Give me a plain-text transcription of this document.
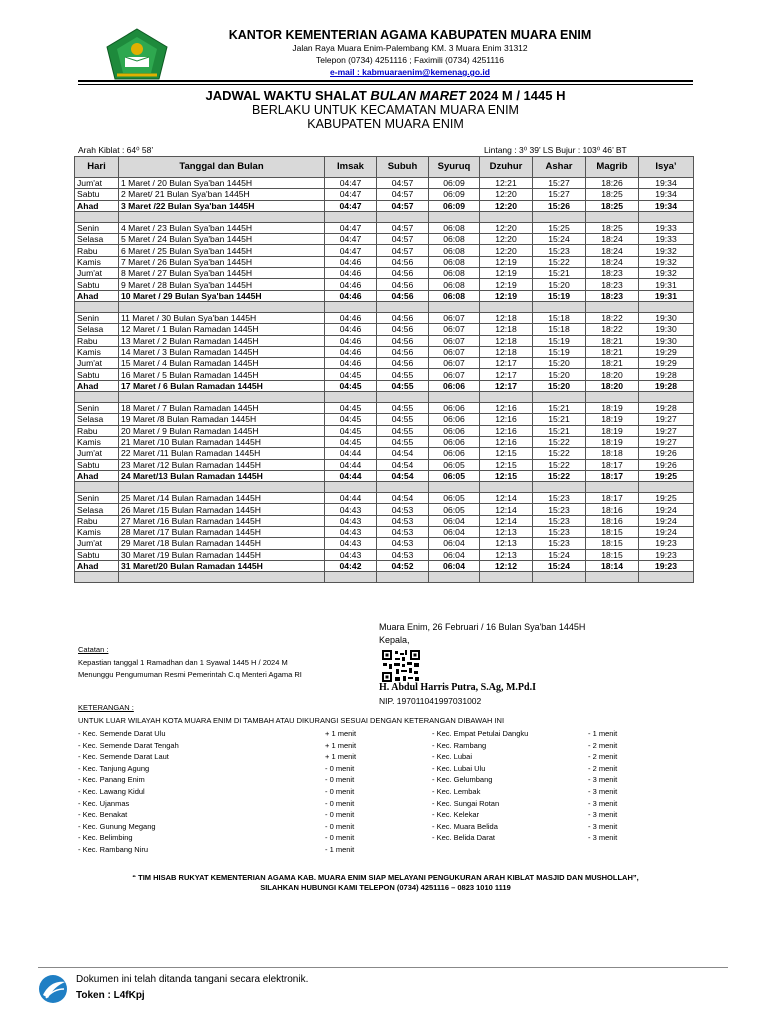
KANTOR KEMENTERIAN AGAMA KABUPATEN MUARA ENIM
Jalan Raya Muara Enim-Palembang KM. 3 Muara Enim 31312
Telepon (0734) 4251116 ; Faximili (0734) 4251116
e-mail : kabmuaraenim@kemenag.go.id
JADWAL WAKTU SHALAT BULAN MARET 2024 M / 1445 H
BERLAKU UNTUK KECAMATAN MUARA ENIM
KABUPATEN MUARA ENIM
Arah Kiblat : 64⁰ 58’	Lintang : 3⁰ 39’ LS Bujur : 103⁰ 46’ BT
Hari	Tanggal dan Bulan	Imsak	Subuh	Syuruq	Dzuhur	Ashar	Magrib	Isya’
Jum'at	1 Maret / 20 Bulan Sya'ban 1445H	04:47	04:57	06:09	12:21	15:27	18:26	19:34
Sabtu	2 Maret/ 21 Bulan Sya'ban 1445H	04:47	04:57	06:09	12:20	15:27	18:25	19:34
Ahad	3 Maret /22 Bulan Sya'ban 1445H	04:47	04:57	06:09	12:20	15:26	18:25	19:34

Senin	4 Maret / 23 Bulan Sya'ban 1445H	04:47	04:57	06:08	12:20	15:25	18:25	19:33
Selasa	5 Maret / 24 Bulan Sya'ban 1445H	04:47	04:57	06:08	12:20	15:24	18:24	19:33
Rabu	6 Maret / 25 Bulan Sya'ban 1445H	04:47	04:57	06:08	12:20	15:23	18:24	19:32
Kamis	7 Maret / 26 Bulan Sya'ban 1445H	04:46	04:56	06:08	12:19	15:22	18:24	19:32
Jum'at	8 Maret / 27 Bulan Sya'ban 1445H	04:46	04:56	06:08	12:19	15:21	18:23	19:32
Sabtu	9 Maret / 28 Bulan Sya'ban 1445H	04:46	04:56	06:08	12:19	15:20	18:23	19:31
Ahad	10 Maret / 29 Bulan Sya'ban 1445H	04:46	04:56	06:08	12:19	15:19	18:23	19:31

Senin	11 Maret / 30 Bulan Sya'ban 1445H	04:46	04:56	06:07	12:18	15:18	18:22	19:30
Selasa	12 Maret / 1 Bulan Ramadan 1445H	04:46	04:56	06:07	12:18	15:18	18:22	19:30
Rabu	13 Maret / 2 Bulan Ramadan 1445H	04:46	04:56	06:07	12:18	15:19	18:21	19:30
Kamis	14 Maret / 3 Bulan Ramadan 1445H	04:46	04:56	06:07	12:18	15:19	18:21	19:29
Jum'at	15 Maret / 4 Bulan Ramadan 1445H	04:46	04:56	06:07	12:17	15:20	18:21	19:29
Sabtu	16 Maret / 5 Bulan Ramadan 1445H	04:45	04:55	06:07	12:17	15:20	18:20	19:28
Ahad	17 Maret / 6 Bulan Ramadan 1445H	04:45	04:55	06:06	12:17	15:20	18:20	19:28

Senin	18 Maret / 7 Bulan Ramadan 1445H	04:45	04:55	06:06	12:16	15:21	18:19	19:28
Selasa	19 Maret /8 Bulan Ramadan 1445H	04:45	04:55	06:06	12:16	15:21	18:19	19:27
Rabu	20 Maret / 9 Bulan Ramadan 1445H	04:45	04:55	06:06	12:16	15:21	18:19	19:27
Kamis	21 Maret /10 Bulan Ramadan 1445H	04:45	04:55	06:06	12:16	15:22	18:19	19:27
Jum'at	22 Maret /11 Bulan Ramadan 1445H	04:44	04:54	06:06	12:15	15:22	18:18	19:26
Sabtu	23 Maret /12 Bulan Ramadan 1445H	04:44	04:54	06:05	12:15	15:22	18:17	19:26
Ahad	24 Maret/13 Bulan Ramadan 1445H	04:44	04:54	06:05	12:15	15:22	18:17	19:25

Senin	25 Maret /14 Bulan Ramadan 1445H	04:44	04:54	06:05	12:14	15:23	18:17	19:25
Selasa	26 Maret /15 Bulan Ramadan 1445H	04:43	04:53	06:05	12:14	15:23	18:16	19:24
Rabu	27 Maret /16 Bulan Ramadan 1445H	04:43	04:53	06:04	12:14	15:23	18:16	19:24
Kamis	28 Maret /17 Bulan Ramadan 1445H	04:43	04:53	06:04	12:13	15:23	18:15	19:24
Jum'at	29 Maret /18 Bulan Ramadan 1445H	04:43	04:53	06:04	12:13	15:23	18:15	19:23
Sabtu	30 Maret /19 Bulan Ramadan 1445H	04:43	04:53	06:04	12:13	15:24	18:15	19:23
Ahad	31 Maret/20 Bulan Ramadan 1445H	04:42	04:52	06:04	12:12	15:24	18:14	19:23

Muara Enim, 26 Februari / 16 Bulan Sya'ban 1445H
Kepala,
H. Abdul Harris Putra, S.Ag, M.Pd.I
NIP. 197011041997031002
Catatan :
Kepastian tanggal 1 Ramadhan dan 1 Syawal 1445 H / 2024 M
Menunggu Pengumuman Resmi Pemerintah C.q Menteri Agama RI
KETERANGAN :
UNTUK LUAR WILAYAH KOTA MUARA ENIM DI TAMBAH ATAU DIKURANGI SESUAI DENGAN KETERANGAN DIBAWAH INI
- Kec. Semende Darat Ulu	+ 1 menit
- Kec. Semende Darat Tengah	+ 1 menit
- Kec. Semende Darat Laut	+ 1 menit
- Kec. Tanjung Agung	- 0 menit
- Kec. Panang Enim	- 0 menit
- Kec. Lawang Kidul	- 0 menit
- Kec. Ujanmas	- 0 menit
- Kec. Benakat	- 0 menit
- Kec. Gunung Megang	- 0 menit
- Kec. Belimbing	- 0 menit
- Kec. Rambang Niru	- 1 menit
- Kec. Empat Petulai Dangku	- 1 menit
- Kec. Rambang	- 2 menit
- Kec. Lubai	- 2 menit
- Kec. Lubai Ulu	- 2 menit
- Kec. Gelumbang	- 3 menit
- Kec. Lembak	- 3 menit
- Kec. Sungai Rotan	- 3 menit
- Kec. Kelekar	- 3 menit
- Kec. Muara Belida	- 3 menit
- Kec. Belida Darat	- 3 menit
“ TIM HISAB RUKYAT KEMENTERIAN AGAMA KAB. MUARA ENIM SIAP MELAYANI PENGUKURAN ARAH KIBLAT MASJID DAN MUSHOLLAH”,
SILAHKAN HUBUNGI KAMI TELEPON (0734) 4251116 – 0823 1010 1119
Dokumen ini telah ditanda tangani secara elektronik.
Token : L4fKpj
